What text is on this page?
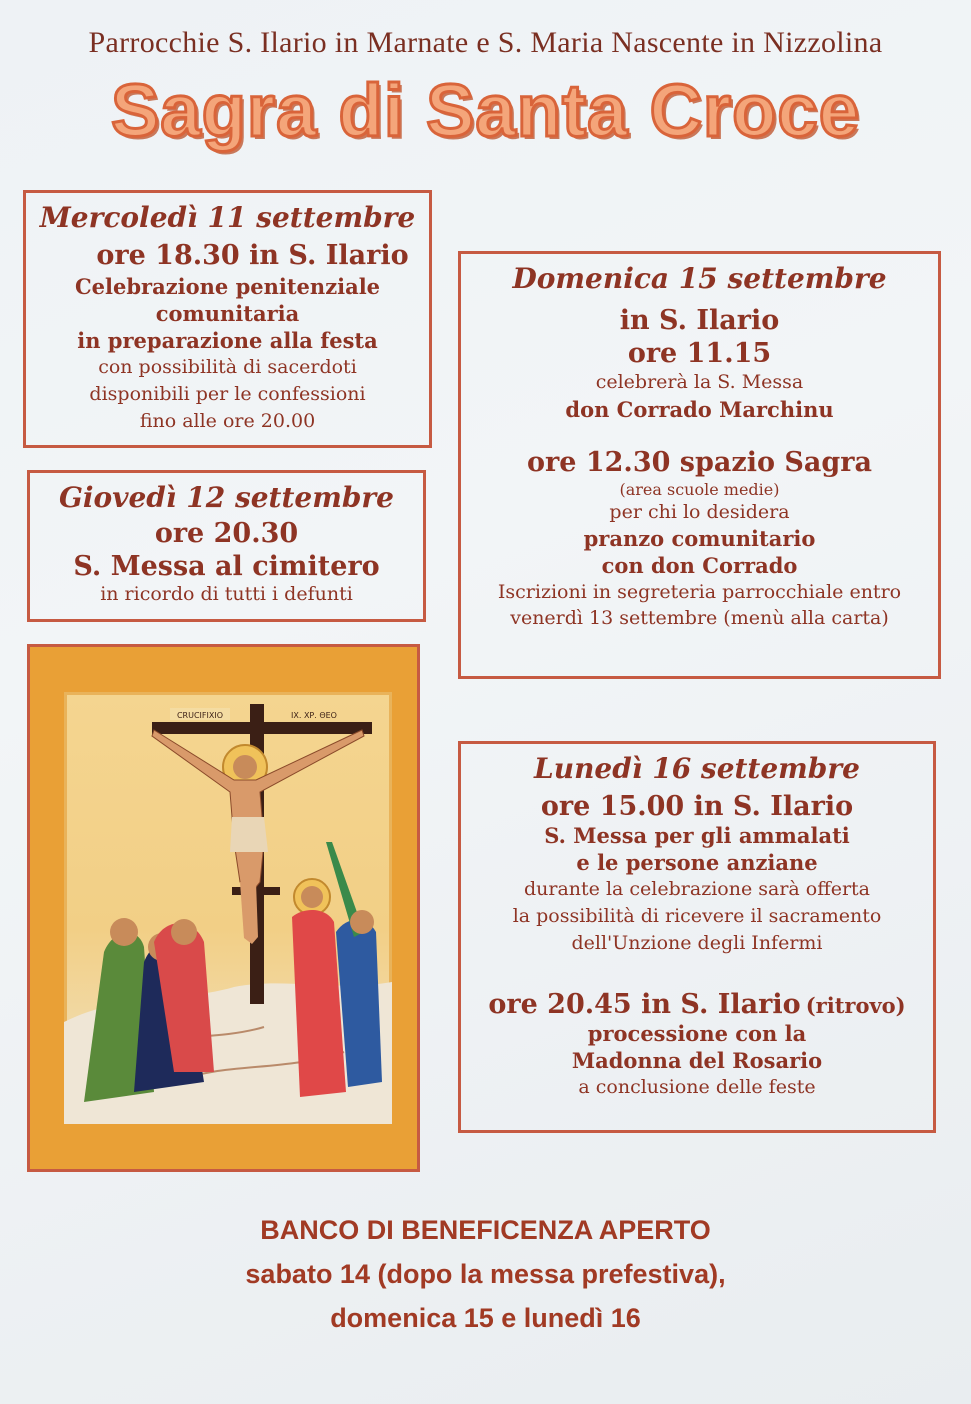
Parrocchie S. Ilario in Marnate e S. Maria Nascente in Nizzolina
Sagra di Santa Croce
Mercoledì 11 settembre
ore 18.30 in S. Ilario
Celebrazione penitenziale
comunitaria
in preparazione alla festa
con possibilità di sacerdoti
disponibili per le confessioni
fino alle ore 20.00
Giovedì 12 settembre
ore 20.30
S. Messa al cimitero
in ricordo di tutti i defunti
Domenica 15 settembre
in S. Ilario
ore 11.15
celebrerà la S. Messa
don Corrado Marchinu
ore 12.30 spazio Sagra
(area scuole medie)
per chi lo desidera
pranzo comunitario
con don Corrado
Iscrizioni in segreteria parrocchiale entro
venerdì 13 settembre (menù alla carta)
Lunedì 16 settembre
ore 15.00 in S. Ilario
S. Messa per gli ammalati
e le persone anziane
durante la celebrazione sarà offerta
la possibilità di ricevere il sacramento
dell'Unzione degli Infermi
ore 20.45 in S. Ilario (ritrovo)
processione con la
Madonna del Rosario
a conclusione delle feste
CRUCIFIXIO	IX. ΧΡ. ΘΕΟ
BANCO DI BENEFICENZA APERTO
sabato 14 (dopo la messa prefestiva),
domenica 15 e lunedì 16
